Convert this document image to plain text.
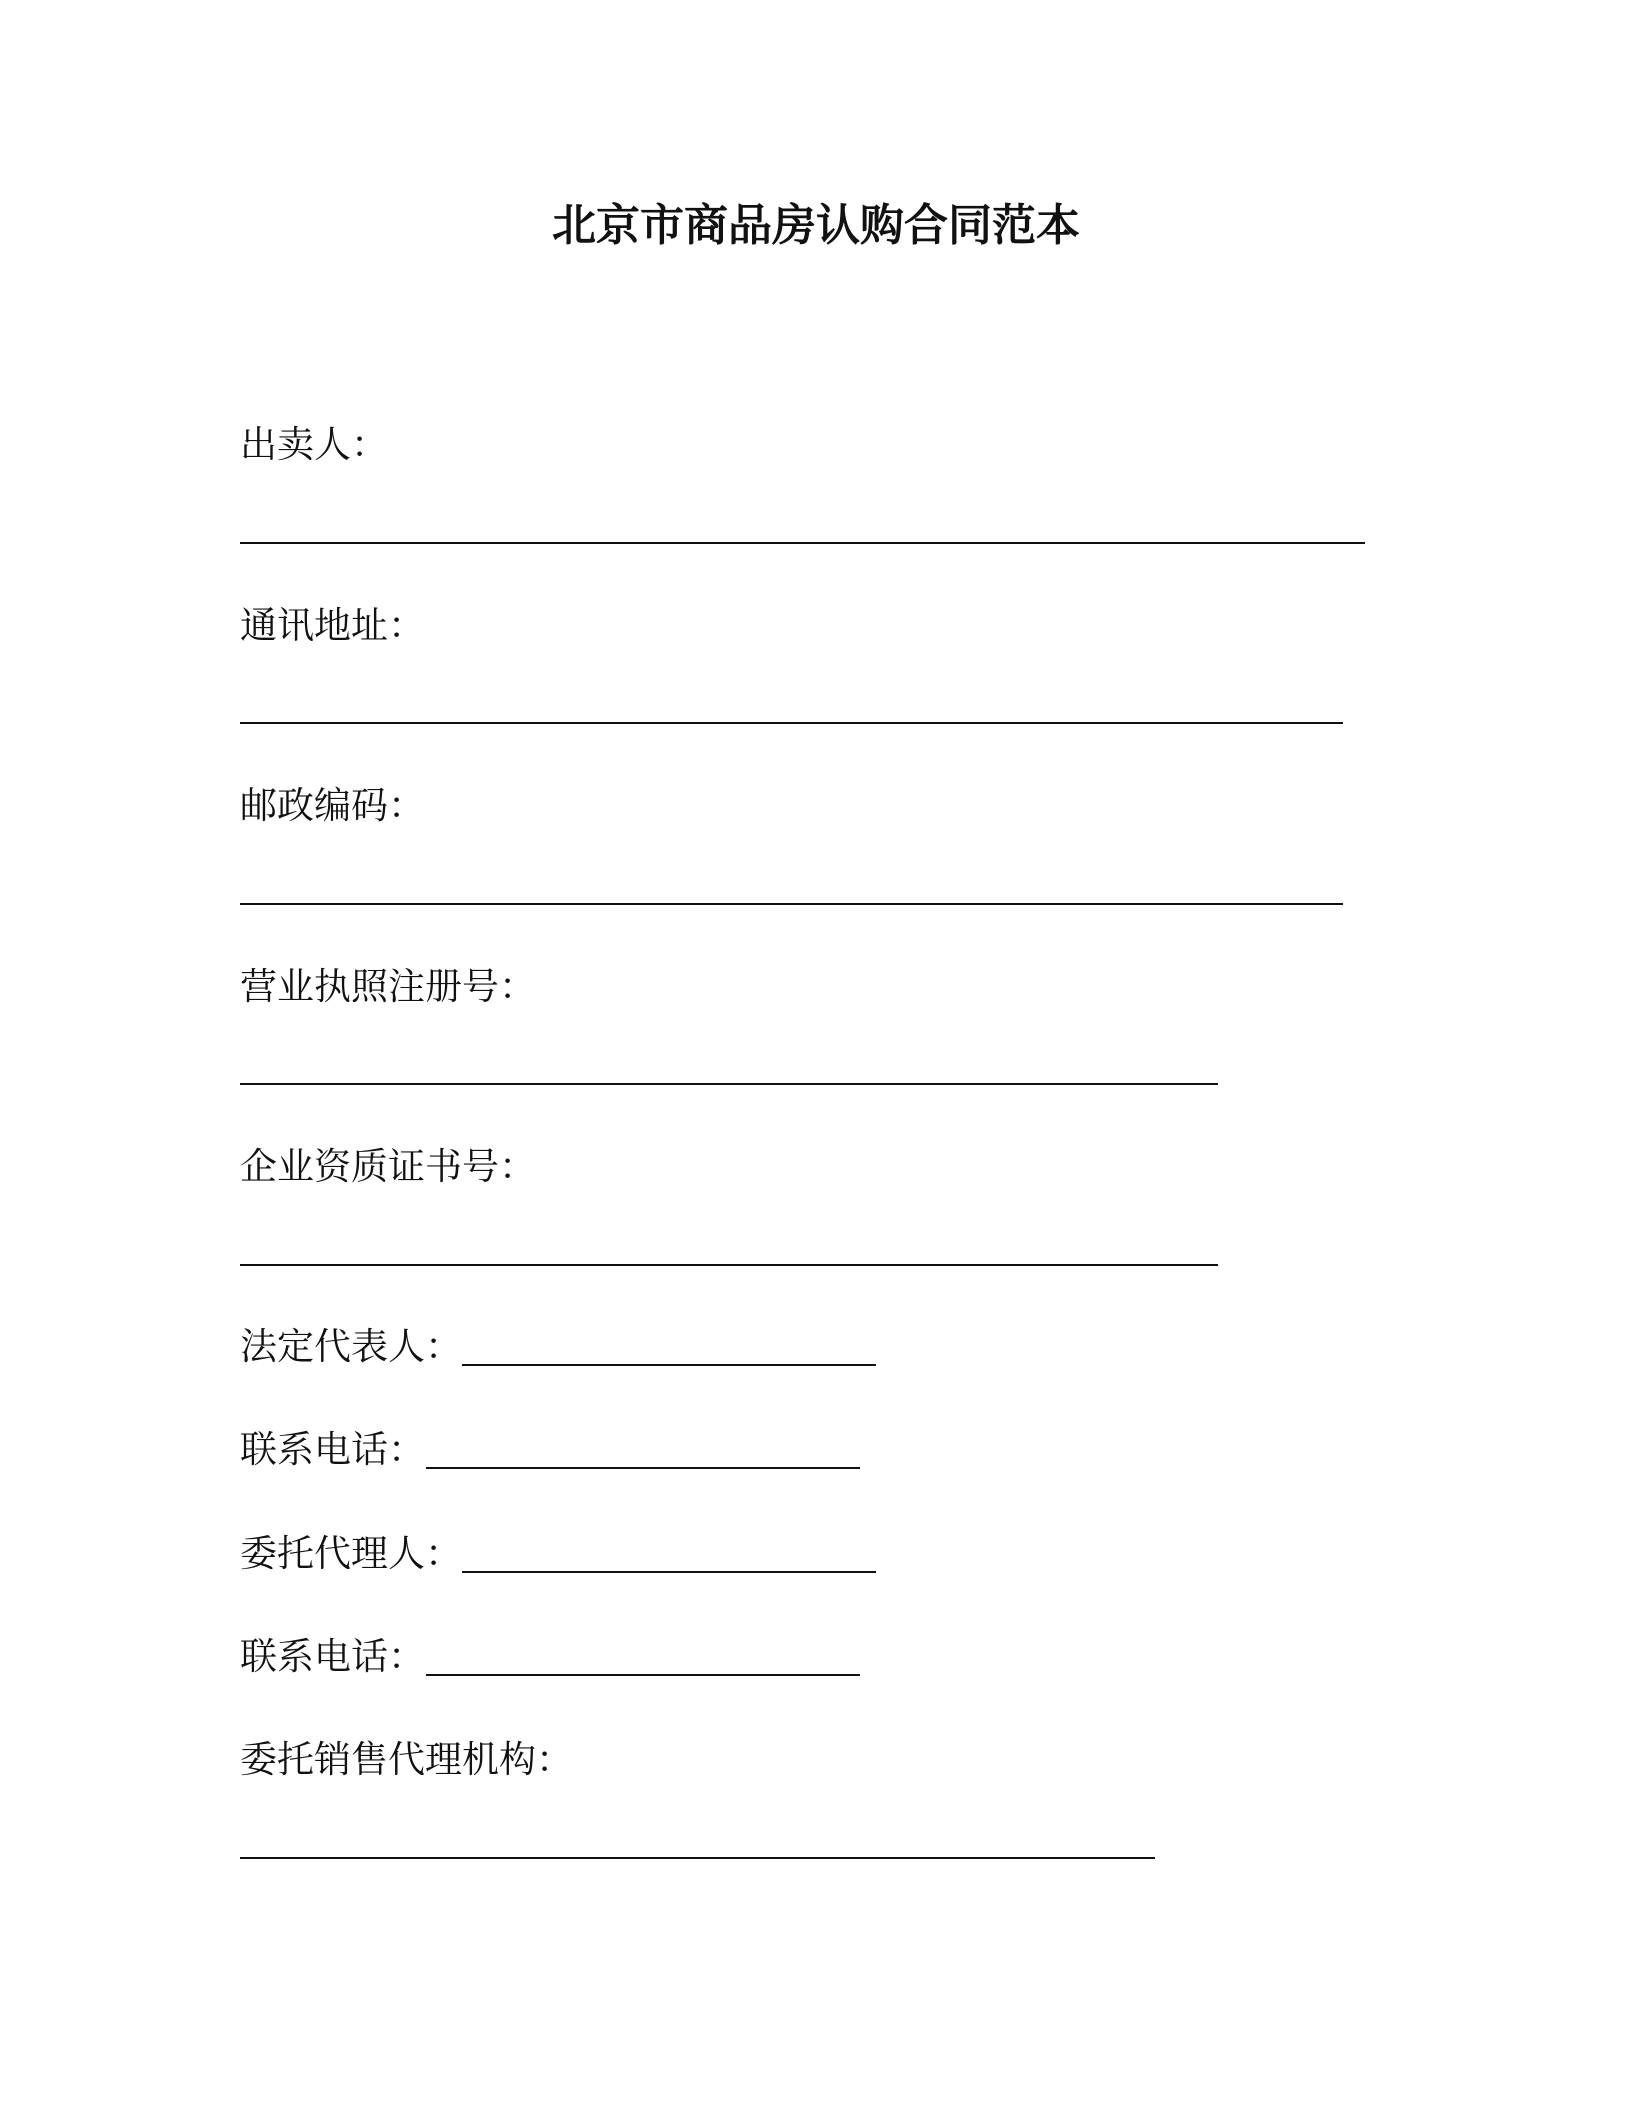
北京市商品房认购合同范本
出卖人：
通讯地址：
邮政编码：
营业执照注册号：
企业资质证书号：
法定代表人：
联系电话：
委托代理人：
联系电话：
委托销售代理机构：
